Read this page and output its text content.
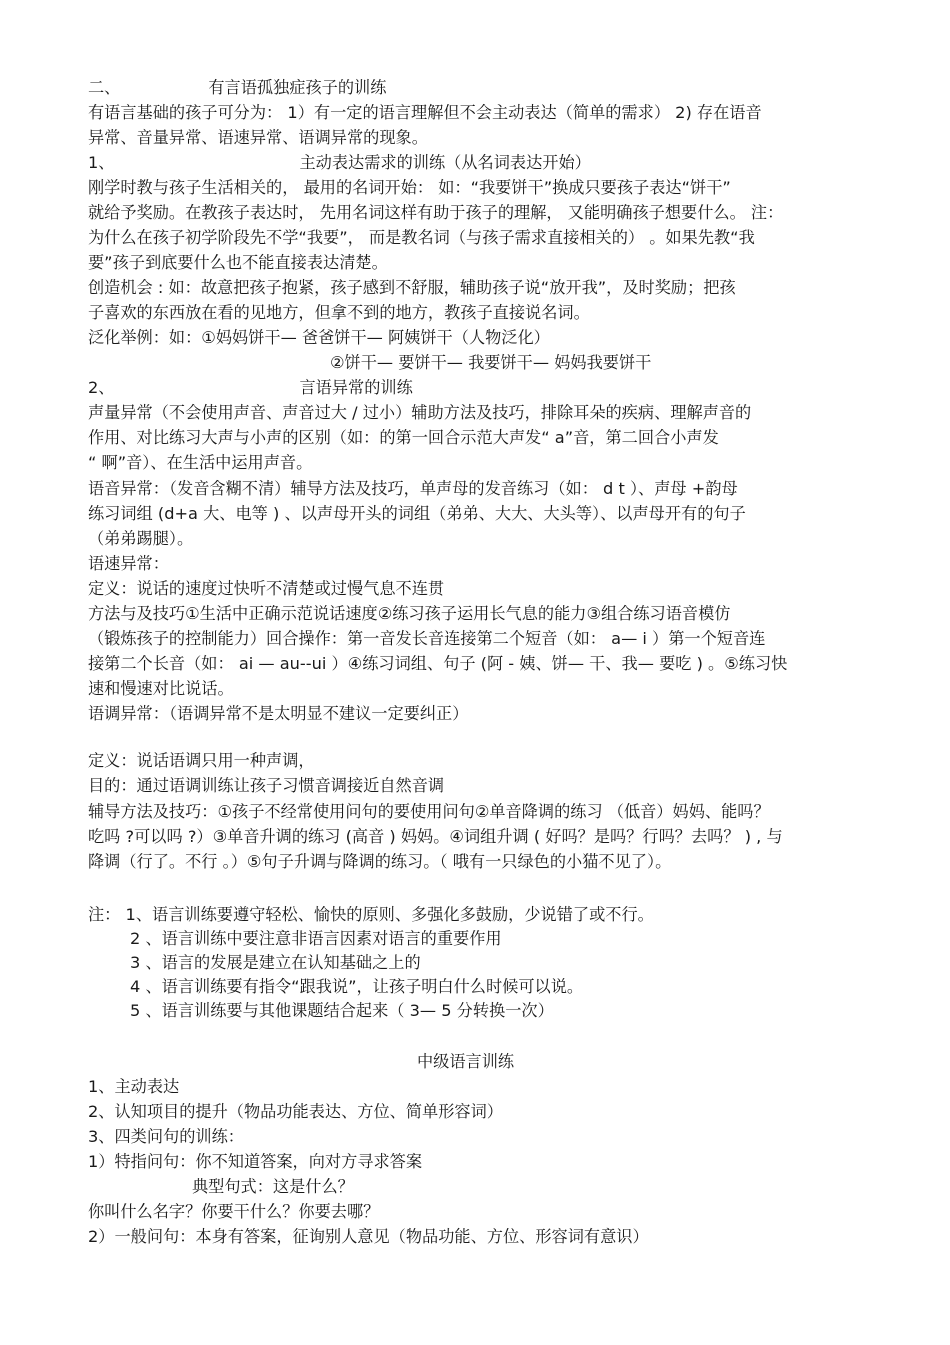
二、	有言语孤独症孩子的训练
有语言基础的孩子可分为： 1）有一定的语言理解但不会主动表达（简单的需求） 2) 存在语音
异常、音量异常、语速异常、语调异常的现象。
1、	主动表达需求的训练（从名词表达开始）
刚学时教与孩子生活相关的， 最用的名词开始： 如：“我要饼干”换成只要孩子表达“饼干”
就给予奖励。在教孩子表达时， 先用名词这样有助于孩子的理解， 又能明确孩子想要什么。 注：
为什么在孩子初学阶段先不学“我要”， 而是教名词（与孩子需求直接相关的） 。如果先教“我
要”孩子到底要什么也不能直接表达清楚。
创造机会 : 如：故意把孩子抱紧，孩子感到不舒服，辅助孩子说“放开我”，及时奖励；把孩
子喜欢的东西放在看的见地方，但拿不到的地方，教孩子直接说名词。
泛化举例：如：①妈妈饼干— 爸爸饼干— 阿姨饼干（人物泛化）
②饼干— 要饼干— 我要饼干— 妈妈我要饼干
2、	言语异常的训练
声量异常（不会使用声音、声音过大 / 过小）辅助方法及技巧，排除耳朵的疾病、理解声音的
作用、对比练习大声与小声的区别（如：的第一回合示范大声发“ a”音，第二回合小声发
“ 啊”音）、在生活中运用声音。
语音异常：（发音含糊不清）辅导方法及技巧，单声母的发音练习（如： d t ）、声母 +韵母
练习词组 (d+a 大、电等 ) 、以声母开头的词组（弟弟、大大、大头等）、以声母开有的句子
（弟弟踢腿）。
语速异常：
定义：说话的速度过快听不清楚或过慢气息不连贯
方法与及技巧①生活中正确示范说话速度②练习孩子运用长气息的能力③组合练习语音模仿
（锻炼孩子的控制能力）回合操作：第一音发长音连接第二个短音（如： a— i ）第一个短音连
接第二个长音（如： ai — au--ui ）④练习词组、句子 (阿 - 姨、饼— 干、我— 要吃 ) 。⑤练习快
速和慢速对比说话。
语调异常：（语调异常不是太明显不建议一定要纠正）
定义：说话语调只用一种声调，
目的：通过语调训练让孩子习惯音调接近自然音调
辅导方法及技巧：①孩子不经常使用问句的要使用问句②单音降调的练习 （低音）妈妈、能吗？
吃吗 ?可以吗 ?）③单音升调的练习 (高音 ) 妈妈。④词组升调 ( 好吗？是吗？行吗？去吗？ ) , 与
降调（行了。不行 。）⑤句子升调与降调的练习。（ 哦有一只绿色的小猫不见了）。
注： 1、语言训练要遵守轻松、愉快的原则、多强化多鼓励，少说错了或不行。
2 、语言训练中要注意非语言因素对语言的重要作用
3 、语言的发展是建立在认知基础之上的
4 、语言训练要有指令“跟我说”，让孩子明白什么时候可以说。
5 、语言训练要与其他课题结合起来（ 3— 5 分转换一次）
中级语言训练
1、主动表达
2、认知项目的提升（物品功能表达、方位、简单形容词）
3、四类问句的训练：
1）特指问句：你不知道答案，向对方寻求答案
典型句式：这是什么？
你叫什么名字？你要干什么？你要去哪？
2）一般问句：本身有答案，征询别人意见（物品功能、方位、形容词有意识）
